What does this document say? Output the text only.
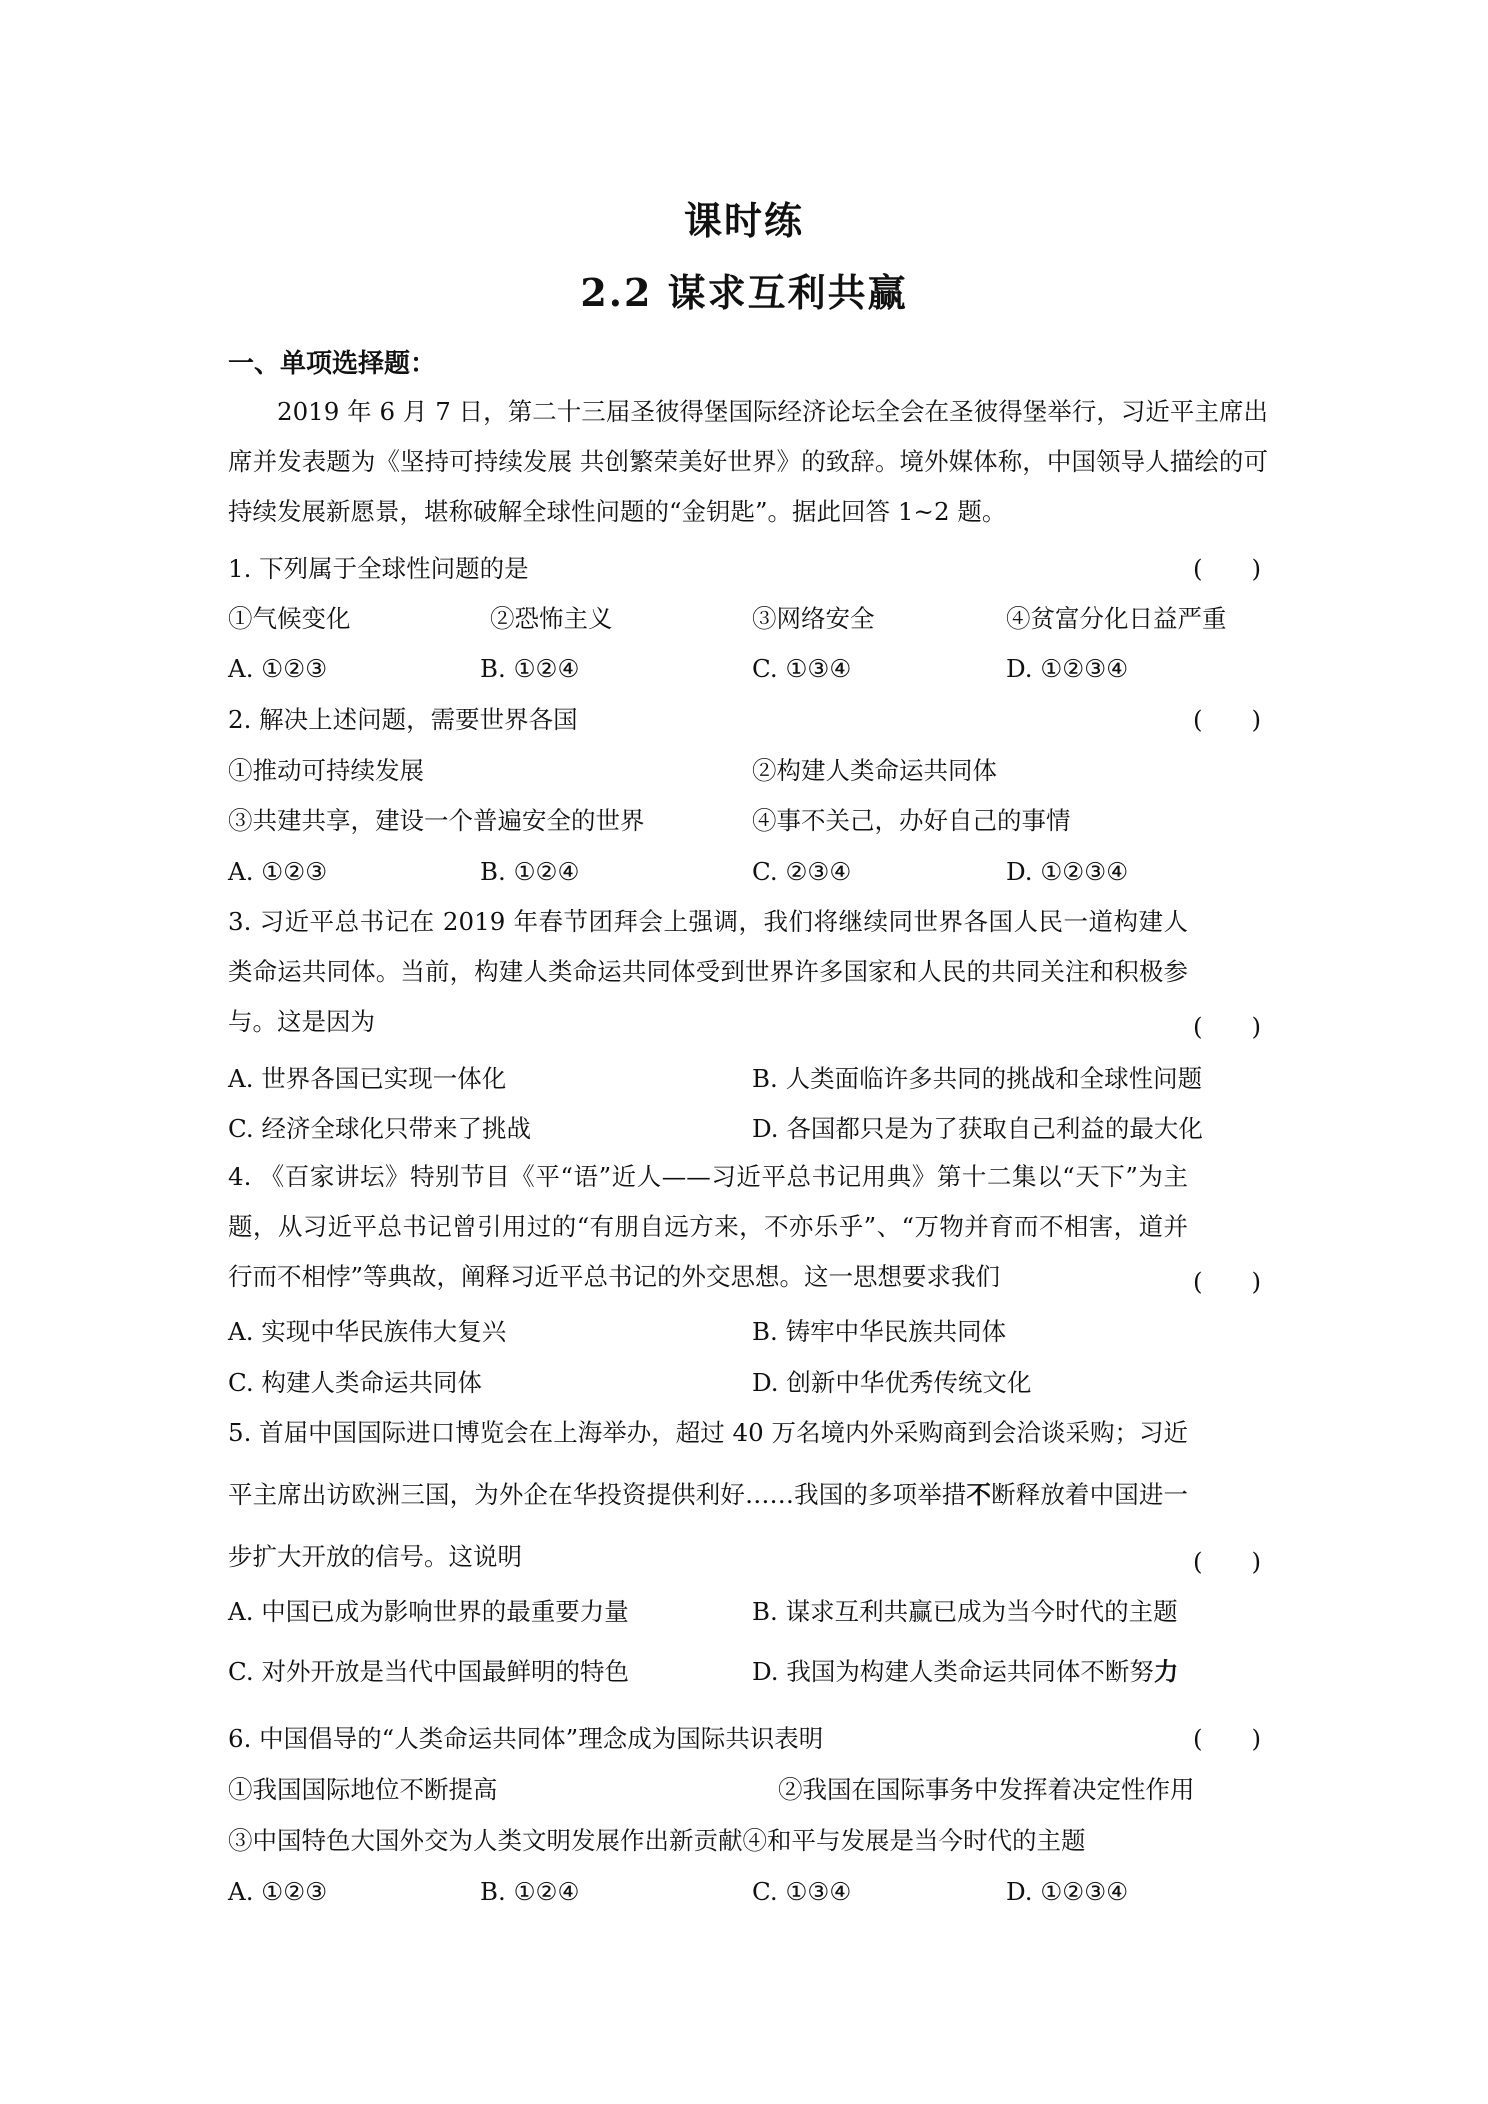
课时练
2.2 谋求互利共赢
一、单项选择题：
2019 年 6 月 7 日，第二十三届圣彼得堡国际经济论坛全会在圣彼得堡举行，习近平主席出席并发表题为《坚持可持续发展 共创繁荣美好世界》的致辞。境外媒体称，中国领导人描绘的可持续发展新愿景，堪称破解全球性问题的“金钥匙”。据此回答 1~2 题。
1. 下列属于全球性问题的是	(　　)
①气候变化	②恐怖主义	③网络安全	④贫富分化日益严重
A. ①②③	B. ①②④	C. ①③④	D. ①②③④
2. 解决上述问题，需要世界各国	(　　)
①推动可持续发展	②构建人类命运共同体
③共建共享，建设一个普遍安全的世界	④事不关己，办好自己的事情
A. ①②③	B. ①②④	C. ②③④	D. ①②③④
3. 习近平总书记在 2019 年春节团拜会上强调，我们将继续同世界各国人民一道构建人类命运共同体。当前，构建人类命运共同体受到世界许多国家和人民的共同关注和积极参与。这是因为	(　　)
A. 世界各国已实现一体化	B. 人类面临许多共同的挑战和全球性问题
C. 经济全球化只带来了挑战	D. 各国都只是为了获取自己利益的最大化
4. 《百家讲坛》特别节目《平“语”近人——习近平总书记用典》第十二集以“天下”为主题，从习近平总书记曾引用过的“有朋自远方来，不亦乐乎”、“万物并育而不相害，道并行而不相悖”等典故，阐释习近平总书记的外交思想。这一思想要求我们	(　　)
A. 实现中华民族伟大复兴	B. 铸牢中华民族共同体
C. 构建人类命运共同体	D. 创新中华优秀传统文化
5. 首届中国国际进口博览会在上海举办，超过 40 万名境内外采购商到会洽谈采购；习近平主席出访欧洲三国，为外企在华投资提供利好……我国的多项举措不断释放着中国进一步扩大开放的信号。这说明	(　　)
A. 中国已成为影响世界的最重要力量	B. 谋求互利共赢已成为当今时代的主题
C. 对外开放是当代中国最鲜明的特色	D. 我国为构建人类命运共同体不断努力
6. 中国倡导的“人类命运共同体”理念成为国际共识表明	(　　)
①我国国际地位不断提高	②我国在国际事务中发挥着决定性作用
③中国特色大国外交为人类文明发展作出新贡献④和平与发展是当今时代的主题
A. ①②③	B. ①②④	C. ①③④	D. ①②③④
